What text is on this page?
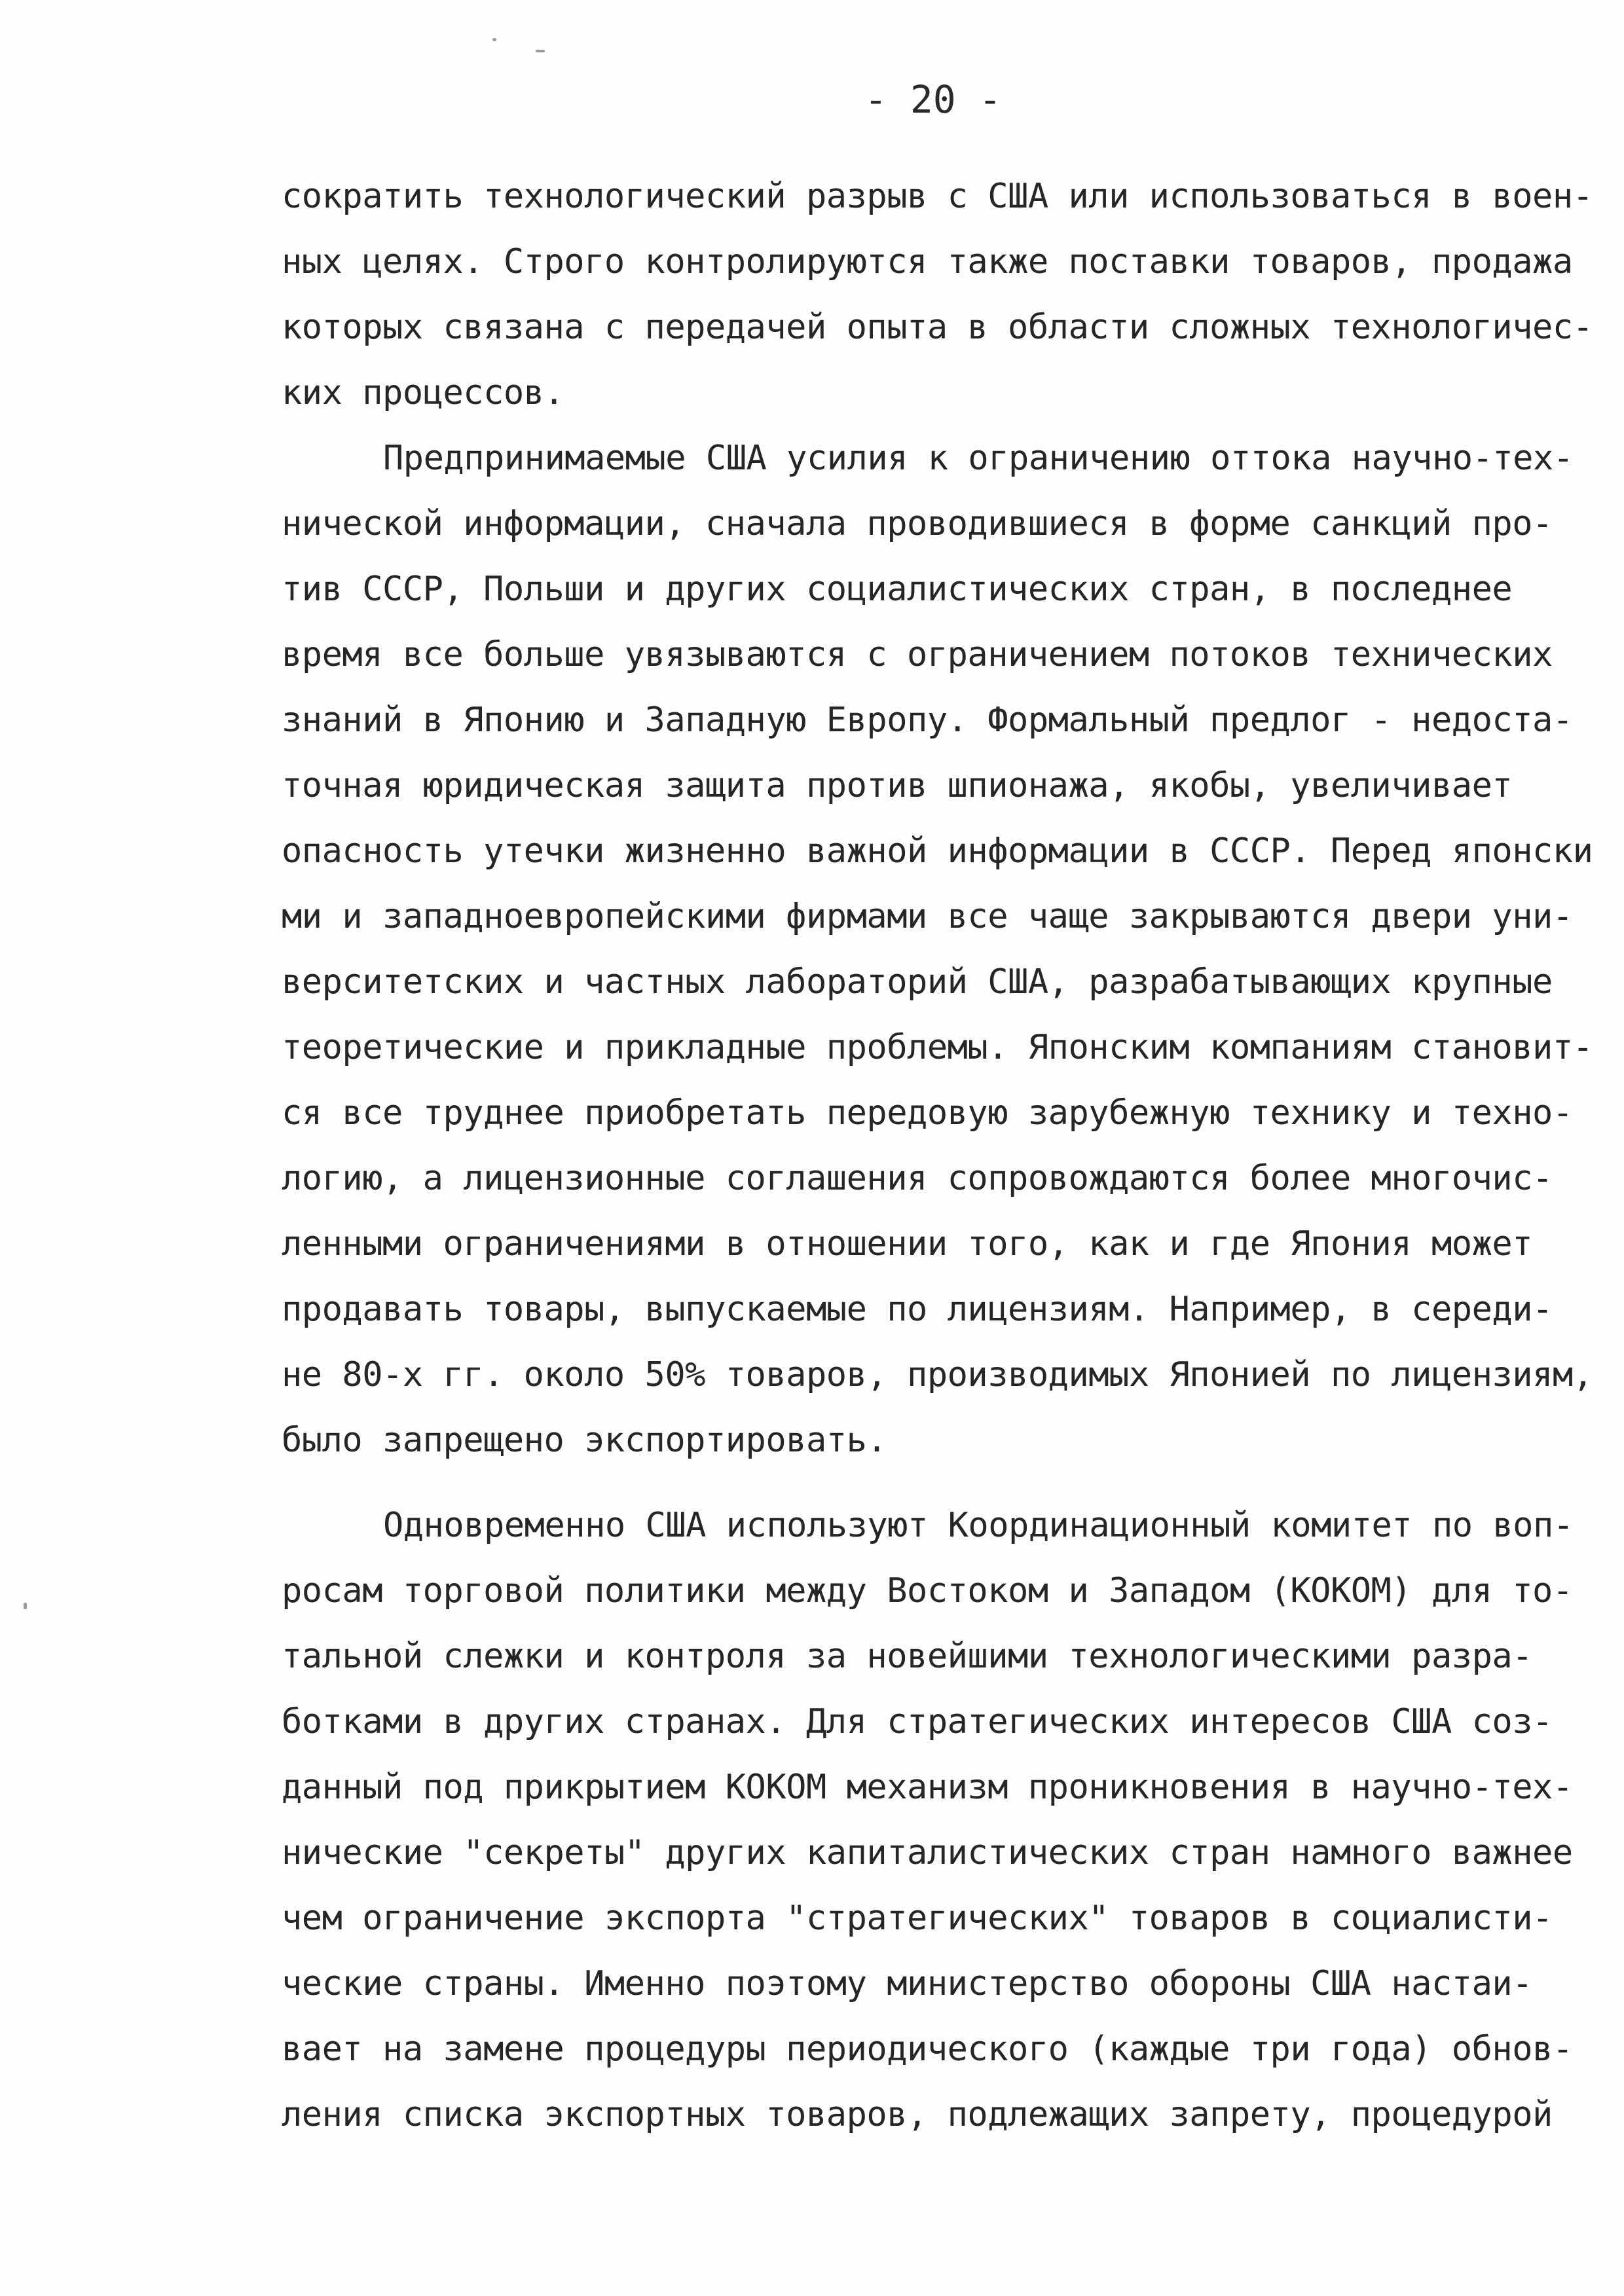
- 20 -
сократить технологический разрыв с США или использоваться в воен-
ных целях. Строго контролируются также поставки товаров, продажа
которых связана с передачей опыта в области сложных технологичес-
ких процессов.
Предпринимаемые США усилия к ограничению оттока научно-тех-
нической информации, сначала проводившиеся в форме санкций про-
тив СССР, Польши и других социалистических стран, в последнее
время все больше увязываются с ограничением потоков технических
знаний в Японию и Западную Европу. Формальный предлог - недоста-
точная юридическая защита против шпионажа, якобы, увеличивает
опасность утечки жизненно важной информации в СССР. Перед японски
ми и западноевропейскими фирмами все чаще закрываются двери уни-
верситетских и частных лабораторий США, разрабатывающих крупные
теоретические и прикладные проблемы. Японским компаниям становит-
ся все труднее приобретать передовую зарубежную технику и техно-
логию, а лицензионные соглашения сопровождаются более многочис-
ленными ограничениями в отношении того, как и где Япония может
продавать товары, выпускаемые по лицензиям. Например, в середи-
не 80-х гг. около 50% товаров, производимых Японией по лицензиям,
было запрещено экспортировать.
Одновременно США используют Координационный комитет по воп-
росам торговой политики между Востоком и Западом (КОКОМ) для то-
тальной слежки и контроля за новейшими технологическими разра-
ботками в других странах. Для стратегических интересов США соз-
данный под прикрытием КОКОМ механизм проникновения в научно-тех-
нические "секреты" других капиталистических стран намного важнее
чем ограничение экспорта "стратегических" товаров в социалисти-
ческие страны. Именно поэтому министерство обороны США настаи-
вает на замене процедуры периодического (каждые три года) обнов-
ления списка экспортных товаров, подлежащих запрету, процедурой
